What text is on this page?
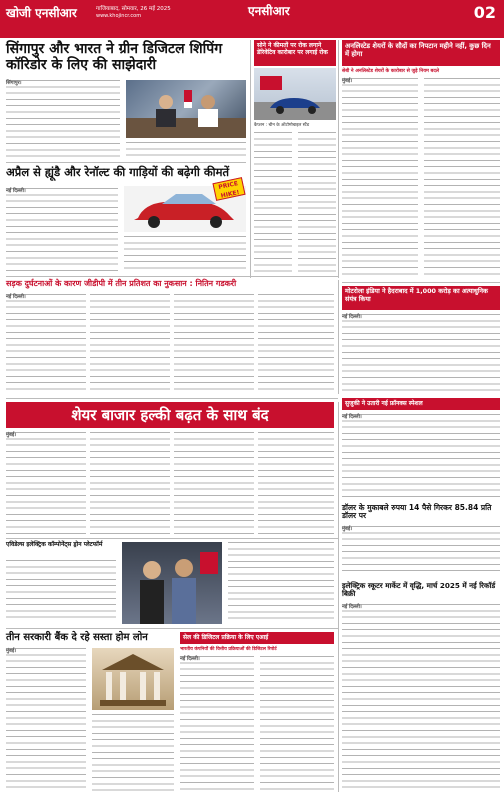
खोजी एनसीआर	गाजियाबाद, सोमवार, 26 मई 2025
www.khojincr.com	एनसीआर	02
सिंगापुर और भारत ने ग्रीन डिजिटल शिपिंग कॉरिडोर के लिए की साझेदारी
सिंगापुर।
अप्रैल से ह्यूंडै और रेनॉल्ट की गाड़ियों की बढ़ेगी कीमतें
PRICE HIKE!
नई दिल्ली।
सड़क दुर्घटनाओं के कारण जीडीपी में तीन प्रतिशत का नुकसान : नितिन गडकरी
नई दिल्ली।
सोने ने कीमतों पर रोक लगाने डेरिवेटिव कारोबार पर लगाई रोक
कैप्शन : चीन के ऑटोमोबाइल स्टैंड
अनलिस्टेड शेयरों के सौदों का निपटान महीने नहीं, कुछ दिन में होगा
सेबी ने अनलिस्टेड शेयरों के कारोबार से जुड़े नियम बदले
मुंबई।
मोटरोला इंडिया ने हैदराबाद में 1,000 करोड़ का अत्याधुनिक संयंत्र किया
नई दिल्ली।
शेयर बाजार हल्की बढ़त के साथ बंद
मुंबई।
सुजुकी ने उतारी नई फ्रॉनक्स स्पेशल
नई दिल्ली।
डॉलर के मुकाबले रुपया 14 पैसे गिरकर 85.84 प्रति डॉलर पर
मुंबई।
इलेक्ट्रिक स्कूटर मार्केट में वृद्धि, मार्च 2025 में नई रिकॉर्ड बिक्री
नई दिल्ली।
एविडेल्स इलेक्ट्रिक कॉम्पोनेंट्स ड्रोन प्लेटफॉर्म
तीन सरकारी बैंक दे रहे सस्ता होम लोन
मुंबई।
सेल की डिजिटल प्रक्रिया के लिए एआई
भारतीय कंपनियों की वित्तीय प्रक्रियाओं की डिजिटल रिपोर्ट
नई दिल्ली।
